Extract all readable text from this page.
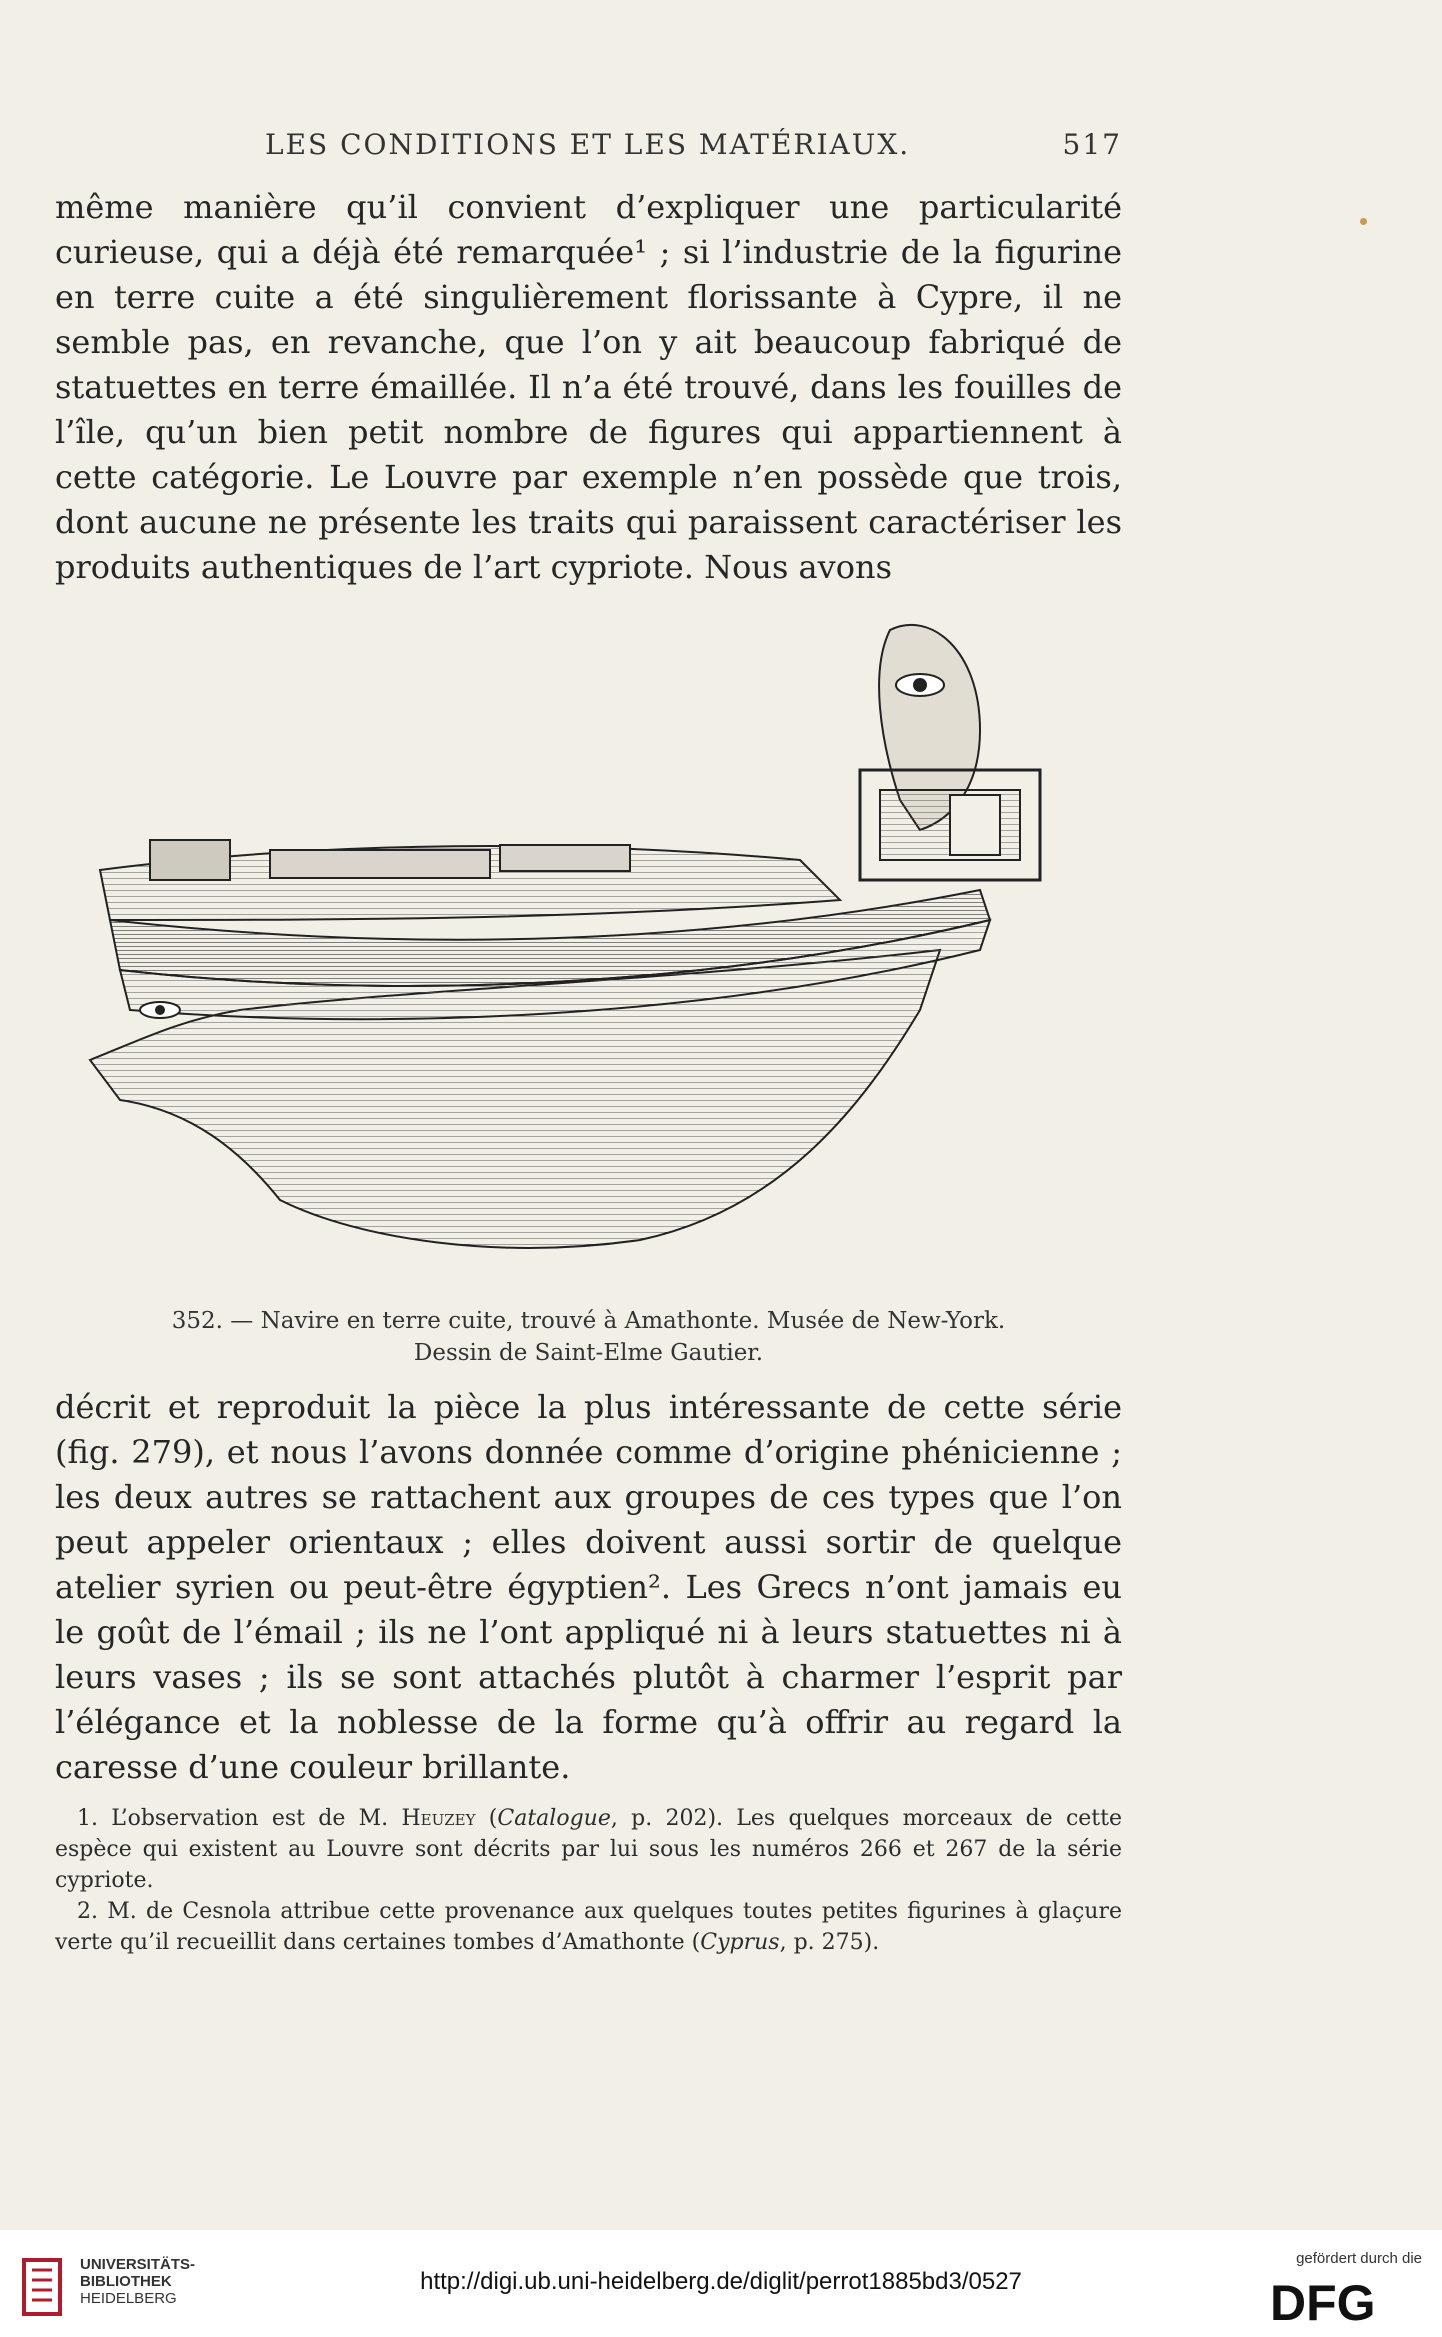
LES CONDITIONS ET LES MATÉRIAUX.	517
même manière qu’il convient d’expliquer une particularité curieuse, qui a déjà été remarquée¹ ; si l’industrie de la figurine en terre cuite a été singulièrement florissante à Cypre, il ne semble pas, en revanche, que l’on y ait beaucoup fabriqué de statuettes en terre émaillée. Il n’a été trouvé, dans les fouilles de l’île, qu’un bien petit nombre de figures qui appartiennent à cette catégorie. Le Louvre par exemple n’en possède que trois, dont aucune ne présente les traits qui paraissent caractériser les produits authentiques de l’art cypriote. Nous avons
352. — Navire en terre cuite, trouvé à Amathonte. Musée de New-York.
Dessin de Saint-Elme Gautier.
décrit et reproduit la pièce la plus intéressante de cette série (fig. 279), et nous l’avons donnée comme d’origine phénicienne ; les deux autres se rattachent aux groupes de ces types que l’on peut appeler orientaux ; elles doivent aussi sortir de quelque atelier syrien ou peut-être égyptien². Les Grecs n’ont jamais eu le goût de l’émail ; ils ne l’ont appliqué ni à leurs statuettes ni à leurs vases ; ils se sont attachés plutôt à charmer l’esprit par l’élégance et la noblesse de la forme qu’à offrir au regard la caresse d’une couleur brillante.

1. L’observation est de M. Heuzey (Catalogue, p. 202). Les quelques morceaux de cette espèce qui existent au Louvre sont décrits par lui sous les numéros 266 et 267 de la série cypriote.

2. M. de Cesnola attribue cette provenance aux quelques toutes petites figurines à glaçure verte qu’il recueillit dans certaines tombes d’Amathonte (Cyprus, p. 275).

UNIVERSITÄTS-
BIBLIOTHEK
HEIDELBERG
http://digi.ub.uni-heidelberg.de/diglit/perrot1885bd3/0527
gefördert durch die
DFG
